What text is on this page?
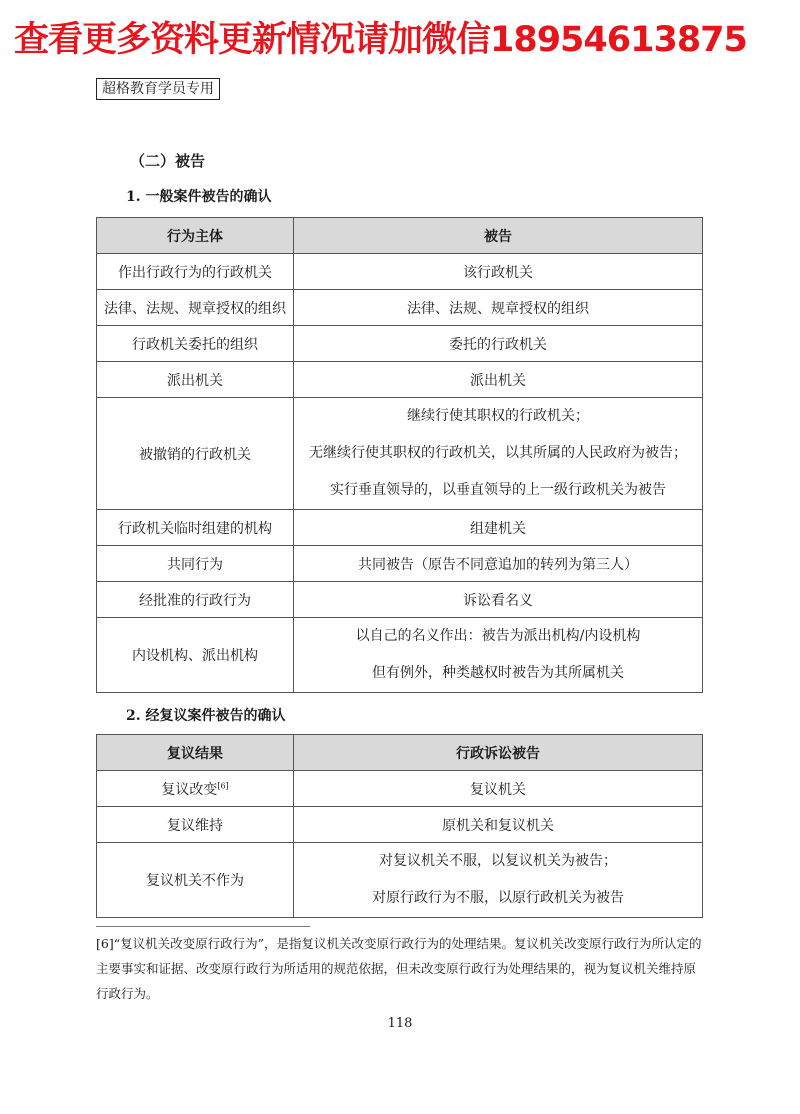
查看更多资料更新情况请加微信18954613875
超格教育学员专用
（二）被告
1. 一般案件被告的确认
行为主体	被告
作出行政行为的行政机关	该行政机关
法律、法规、规章授权的组织	法律、法规、规章授权的组织
行政机关委托的组织	委托的行政机关
派出机关	派出机关
被撤销的行政机关	继续行使其职权的行政机关；
无继续行使其职权的行政机关，以其所属的人民政府为被告；
实行垂直领导的，以垂直领导的上一级行政机关为被告

行政机关临时组建的机构	组建机关
共同行为	共同被告（原告不同意追加的转列为第三人）
经批准的行政行为	诉讼看名义
内设机构、派出机构	以自己的名义作出：被告为派出机构/内设机构
但有例外，种类越权时被告为其所属机关
2. 经复议案件被告的确认
复议结果	行政诉讼被告
复议改变[6]	复议机关
复议维持	原机关和复议机关
复议机关不作为	对复议机关不服，以复议机关为被告；
对原行政行为不服，以原行政机关为被告
[6]“复议机关改变原行政行为”，是指复议机关改变原行政行为的处理结果。复议机关改变原行政行为所认定的主要事实和证据、改变原行政行为所适用的规范依据，但未改变原行政行为处理结果的，视为复议机关维持原行政行为。
118
